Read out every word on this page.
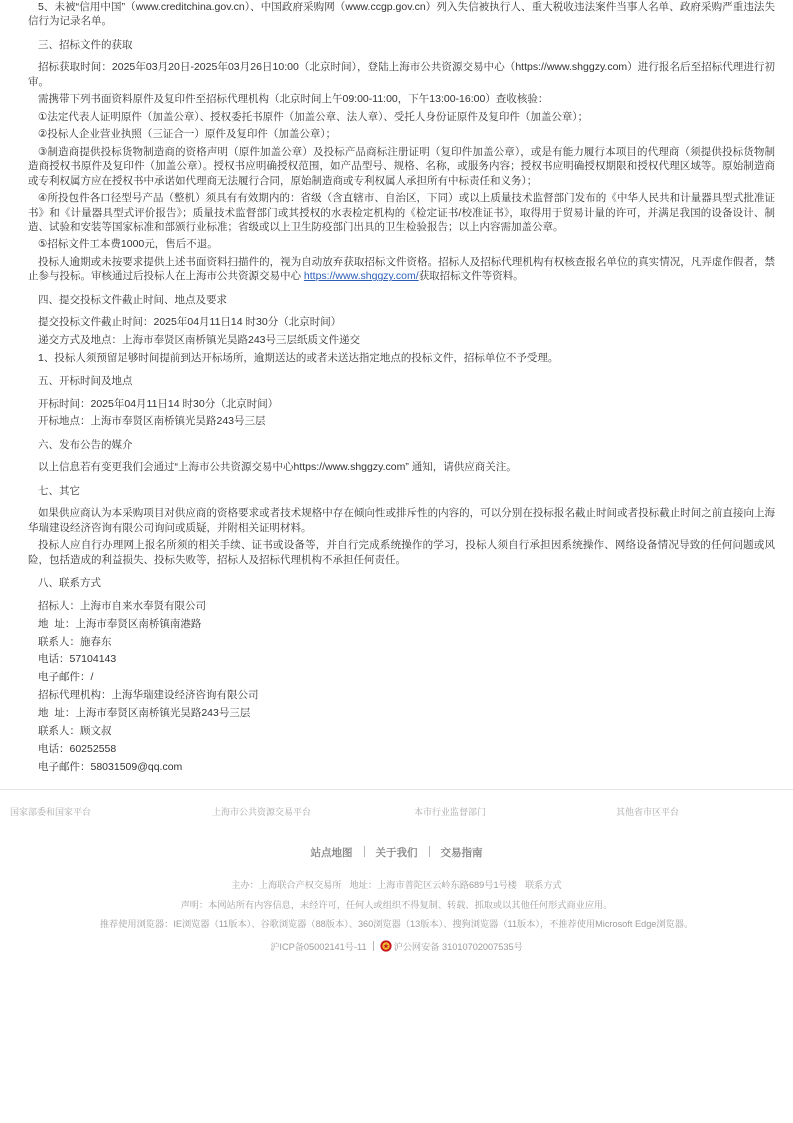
5、未被“信用中国”（www.creditchina.gov.cn）、中国政府采购网（www.ccgp.gov.cn）列入失信被执行人、重大税收违法案件当事人名单、政府采购严重违法失信行为记录名单。

三、招标文件的获取

招标获取时间：2025年03月20日-2025年03月26日10:00（北京时间），登陆上海市公共资源交易中心（https://www.shggzy.com）进行报名后至招标代理进行初审。

需携带下列书面资料原件及复印件至招标代理机构（北京时间上午09:00-11:00，下午13:00-16:00）查收核验：

①法定代表人证明原件（加盖公章）、授权委托书原件（加盖公章、法人章）、受托人身份证原件及复印件（加盖公章）；

②投标人企业营业执照（三证合一）原件及复印件（加盖公章）；

③制造商提供投标货物制造商的资格声明（原件加盖公章）及投标产品商标注册证明（复印件加盖公章），或是有能力履行本项目的代理商（须提供投标货物制造商授权书原件及复印件（加盖公章）。授权书应明确授权范围，如产品型号、规格、名称，或服务内容；授权书应明确授权期限和授权代理区域等。原始制造商或专利权属方应在授权书中承诺如代理商无法履行合同，原始制造商或专利权属人承担所有中标责任和义务）；

④所投包件各口径型号产品（整机）须具有有效期内的：省级（含直辖市、自治区，下同）或以上质量技术监督部门发布的《中华人民共和计量器具型式批准证书》和《计量器具型式评价报告》；质量技术监督部门或其授权的水表检定机构的《检定证书/校准证书》，取得用于贸易计量的许可，并满足我国的设备设计、制造、试验和安装等国家标准和部颁行业标准；省级或以上卫生防疫部门出具的卫生检验报告；以上内容需加盖公章。

⑤招标文件工本费1000元，售后不退。

投标人逾期或未按要求提供上述书面资料扫描件的，视为自动放弃获取招标文件资格。招标人及招标代理机构有权核查报名单位的真实情况，凡弄虚作假者，禁止参与投标。审核通过后投标人在上海市公共资源交易中心 https://www.shggzy.com/获取招标文件等资料。

四、提交投标文件截止时间、地点及要求

提交投标文件截止时间：2025年04月11日14 时30分（北京时间）

递交方式及地点：上海市奉贤区南桥镇光昊路243号三层纸质文件递交

1、投标人须预留足够时间提前到达开标场所，逾期送达的或者未送达指定地点的投标文件，招标单位不予受理。

五、开标时间及地点

开标时间：2025年04月11日14 时30分（北京时间）

开标地点：上海市奉贤区南桥镇光昊路243号三层

六、发布公告的媒介

以上信息若有变更我们会通过“上海市公共资源交易中心https://www.shggzy.com” 通知，请供应商关注。

七、其它

如果供应商认为本采购项目对供应商的资格要求或者技术规格中存在倾向性或排斥性的内容的，可以分别在投标报名截止时间或者投标截止时间之前直接向上海华瑞建设经济咨询有限公司询问或质疑，并附相关证明材料。

投标人应自行办理网上报名所须的相关手续、证书或设备等，并自行完成系统操作的学习，投标人须自行承担因系统操作、网络设备情况导致的任何问题或风险，包括造成的利益损失、投标失败等，招标人及招标代理机构不承担任何责任。

八、联系方式

招标人：上海市自来水奉贤有限公司

地  址：上海市奉贤区南桥镇南港路

联系人：施春东

电话：57104143

电子邮件：/

招标代理机构：上海华瑞建设经济咨询有限公司

地  址：上海市奉贤区南桥镇光昊路243号三层

联系人：顾文叔

电话：60252558

电子邮件：58031509@qq.com

国家部委和国家平台	上海市公共资源交易平台	本市行业监督部门	其他省市区平台
站点地图 关于我们 交易指南
主办：上海联合产权交易所 地址：上海市普陀区云岭东路689号1号楼 联系方式
声明：本网站所有内容信息，未经许可，任何人或组织不得复制、转载、抓取或以其他任何形式商业应用。
推荐使用浏览器：IE浏览器（11版本）、谷歌浏览器（88版本）、360浏览器（13版本）、搜狗浏览器（11版本），不推荐使用Microsoft Edge浏览器。
沪ICP备05002141号-11	沪公网安备 31010702007535号
